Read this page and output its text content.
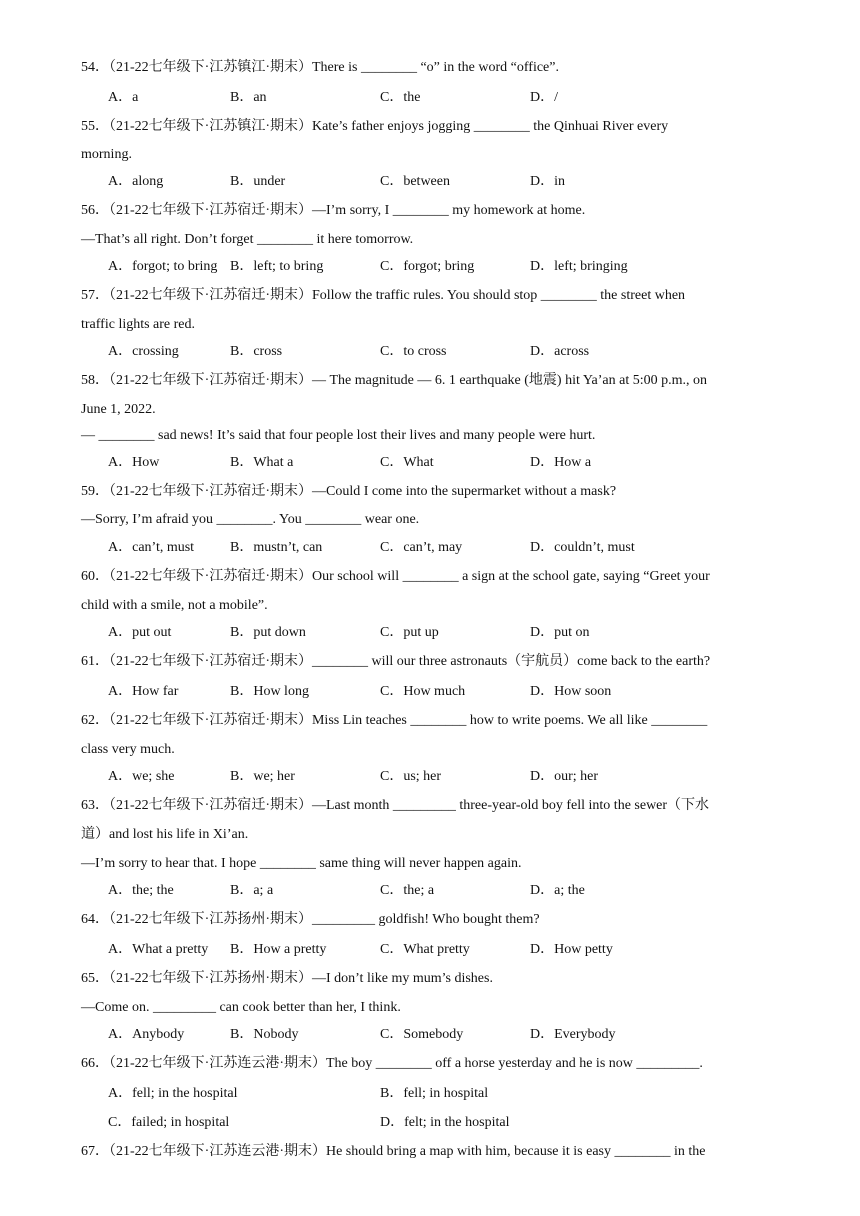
54．（21-22七年级下·江苏镇江·期末）There is ________ “o” in the word “office”.
A．a	B．an	C．the	D．/
55．（21-22七年级下·江苏镇江·期末）Kate’s father enjoys jogging ________ the Qinhuai River every
morning.
A．along	B．under	C．between	D．in
56．（21-22七年级下·江苏宿迁·期末）—I’m sorry, I ________ my homework at home.
—That’s all right. Don’t forget ________ it here tomorrow.
A．forgot; to bring B．left; to bring	C．forgot; bring	D．left; bringing
57．（21-22七年级下·江苏宿迁·期末）Follow the traffic rules. You should stop ________ the street when
traffic lights are red.
A．crossing	B．cross	C．to cross	D．across
58．（21-22七年级下·江苏宿迁·期末）— The magnitude — 6. 1 earthquake (地震) hit Ya’an at 5:00 p.m., on
June 1, 2022.
— ________ sad news! It’s said that four people lost their lives and many people were hurt.
A．How	B．What a	C．What	D．How a
59．（21-22七年级下·江苏宿迁·期末）—Could I come into the supermarket without a mask?
—Sorry, I’m afraid you ________. You ________ wear one.
A．can’t, must	B．mustn’t, can	C．can’t, may	D．couldn’t, must
60．（21-22七年级下·江苏宿迁·期末）Our school will ________ a sign at the school gate, saying “Greet your
child with a smile, not a mobile”.
A．put out	B．put down	C．put up	D．put on
61．（21-22七年级下·江苏宿迁·期末）________ will our three astronauts（宇航员）come back to the earth?
A．How far	B．How long	C．How much	D．How soon
62．（21-22七年级下·江苏宿迁·期末）Miss Lin teaches ________ how to write poems. We all like ________
class very much.
A．we; she	B．we; her	C．us; her	D．our; her
63．（21-22七年级下·江苏宿迁·期末）—Last month _________ three-year-old boy fell into the sewer（下水
道）and lost his life in Xi’an.
—I’m sorry to hear that. I hope ________ same thing will never happen again.
A．the; the	B．a; a	C．the; a	D．a; the
64．（21-22七年级下·江苏扬州·期末）_________ goldfish! Who bought them?
A．What a pretty B．How a pretty	C．What pretty	D．How petty
65．（21-22七年级下·江苏扬州·期末）—I don’t like my mum’s dishes.
—Come on. _________ can cook better than her, I think.
A．Anybody	B．Nobody	C．Somebody	D．Everybody
66．（21-22七年级下·江苏连云港·期末）The boy ________ off a horse yesterday and he is now _________.
A．fell; in the hospital	B．fell; in hospital
C．failed; in hospital	D．felt; in the hospital
67．（21-22七年级下·江苏连云港·期末）He should bring a map with him, because it is easy ________ in the
